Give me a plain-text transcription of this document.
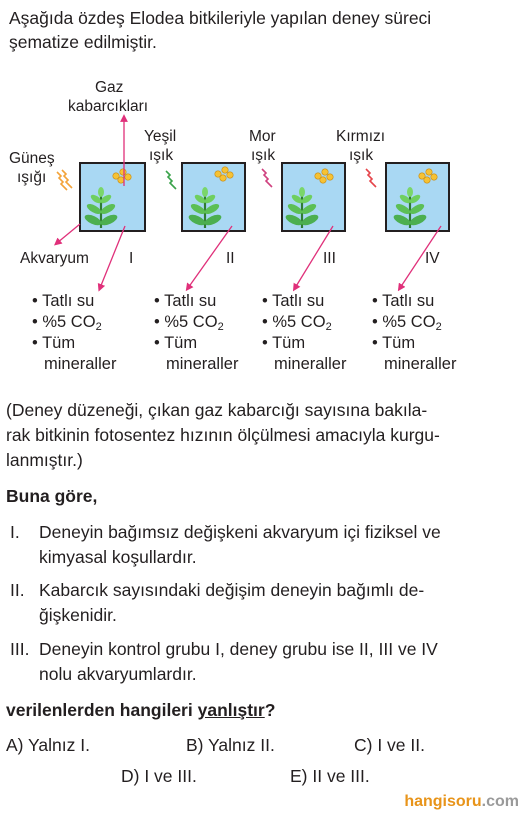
Aşağıda özdeş Elodea bitkileriyle yapılan deney süreci
şematize edilmiştir.
Gaz
kabarcıkları
Güneş
ışığı
Yeşil
ışık
Mor
ışık
Kırmızı
ışık
Akvaryum	I	II	III	IV
• Tatlı su
• %5 $CO_2$
• Tüm
mineraller
• Tatlı su
• %5 $CO_2$
• Tüm
mineraller
• Tatlı su
• %5 $CO_2$
• Tüm
mineraller
• Tatlı su
• %5 $CO_2$
• Tüm
mineraller
(Deney düzeneği, çıkan gaz kabarcığı sayısına bakıla-
rak bitkinin fotosentez hızının ölçülmesi amacıyla kurgu-
lanmıştır.)
Buna göre,
I. Deneyin bağımsız değişkeni akvaryum içi fiziksel ve
kimyasal koşullardır.
II. Kabarcık sayısındaki değişim deneyin bağımlı de-
ğişkenidir.
III. Deneyin kontrol grubu I, deney grubu ise II, III ve IV
nolu akvaryumlardır.
verilenlerden hangileri yanlıştır?
A) Yalnız I.	B) Yalnız II.	C) I ve II.
D) I ve III.	E) II ve III.
hangisoru.com
